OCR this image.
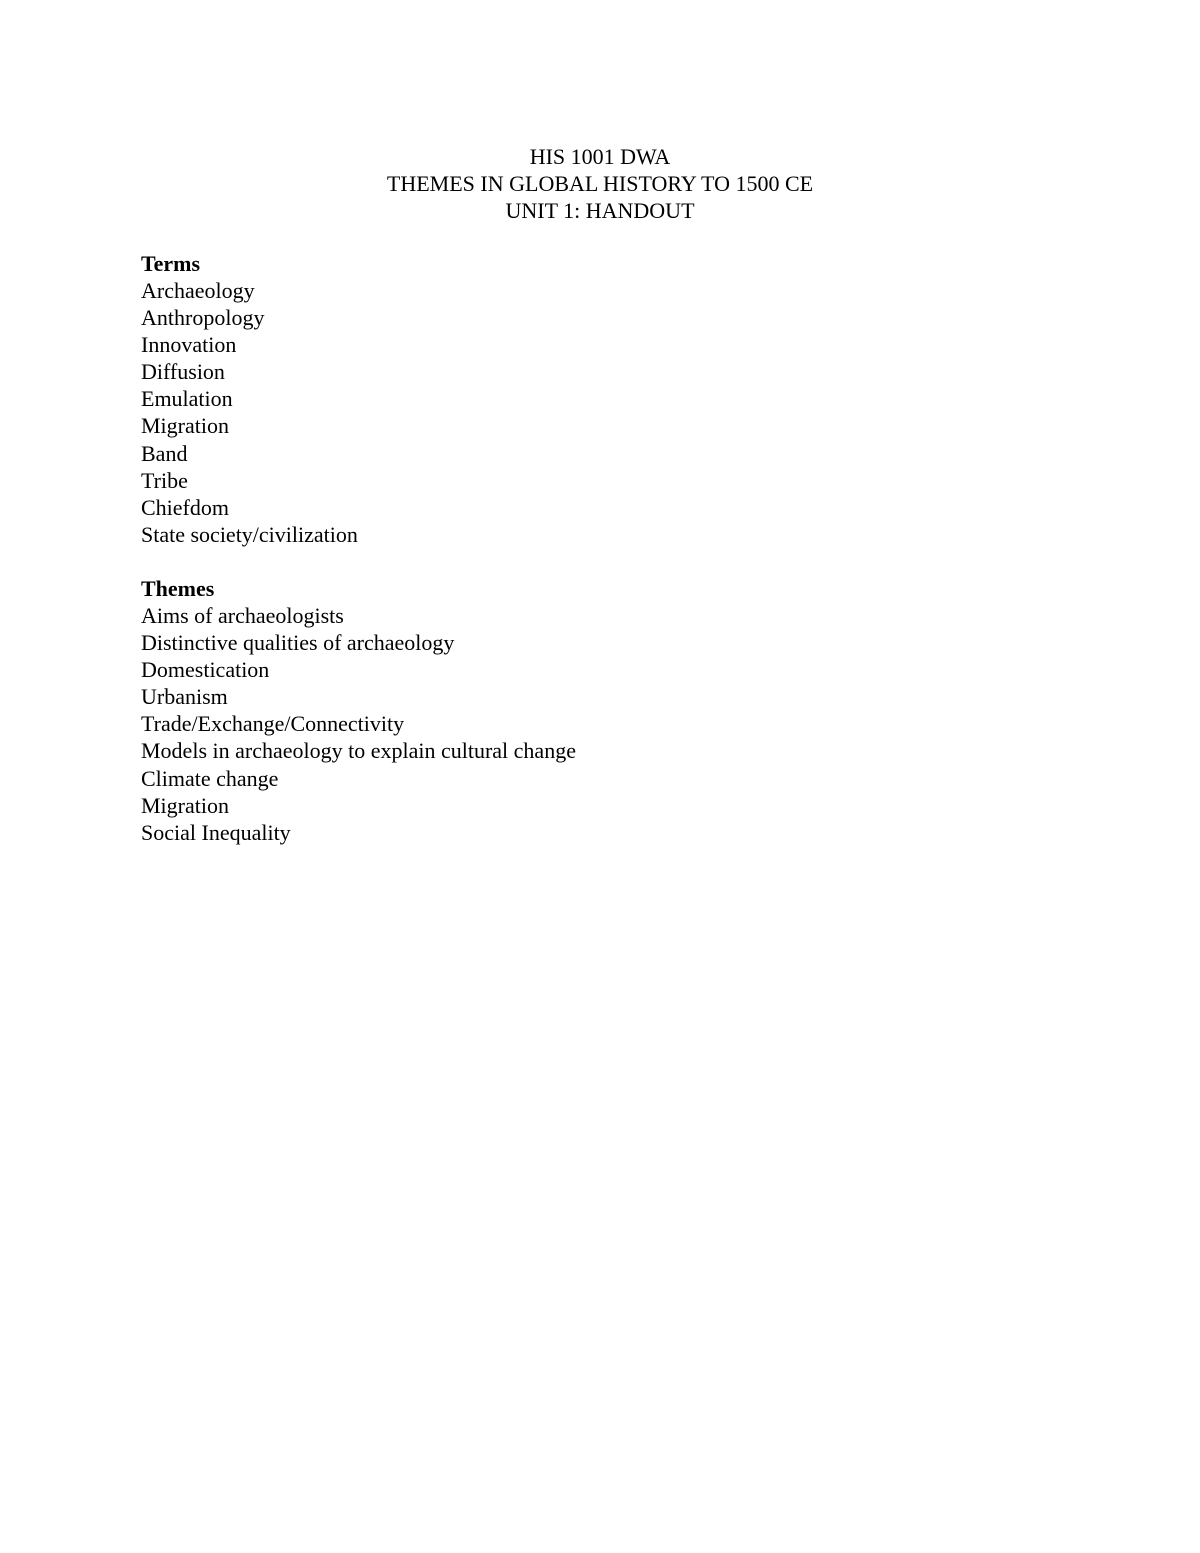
HIS 1001 DWA
THEMES IN GLOBAL HISTORY TO 1500 CE
UNIT 1: HANDOUT
Terms
Archaeology
Anthropology
Innovation
Diffusion
Emulation
Migration
Band
Tribe
Chiefdom
State society/civilization
Themes
Aims of archaeologists
Distinctive qualities of archaeology
Domestication
Urbanism
Trade/Exchange/Connectivity
Models in archaeology to explain cultural change
Climate change
Migration
Social Inequality
